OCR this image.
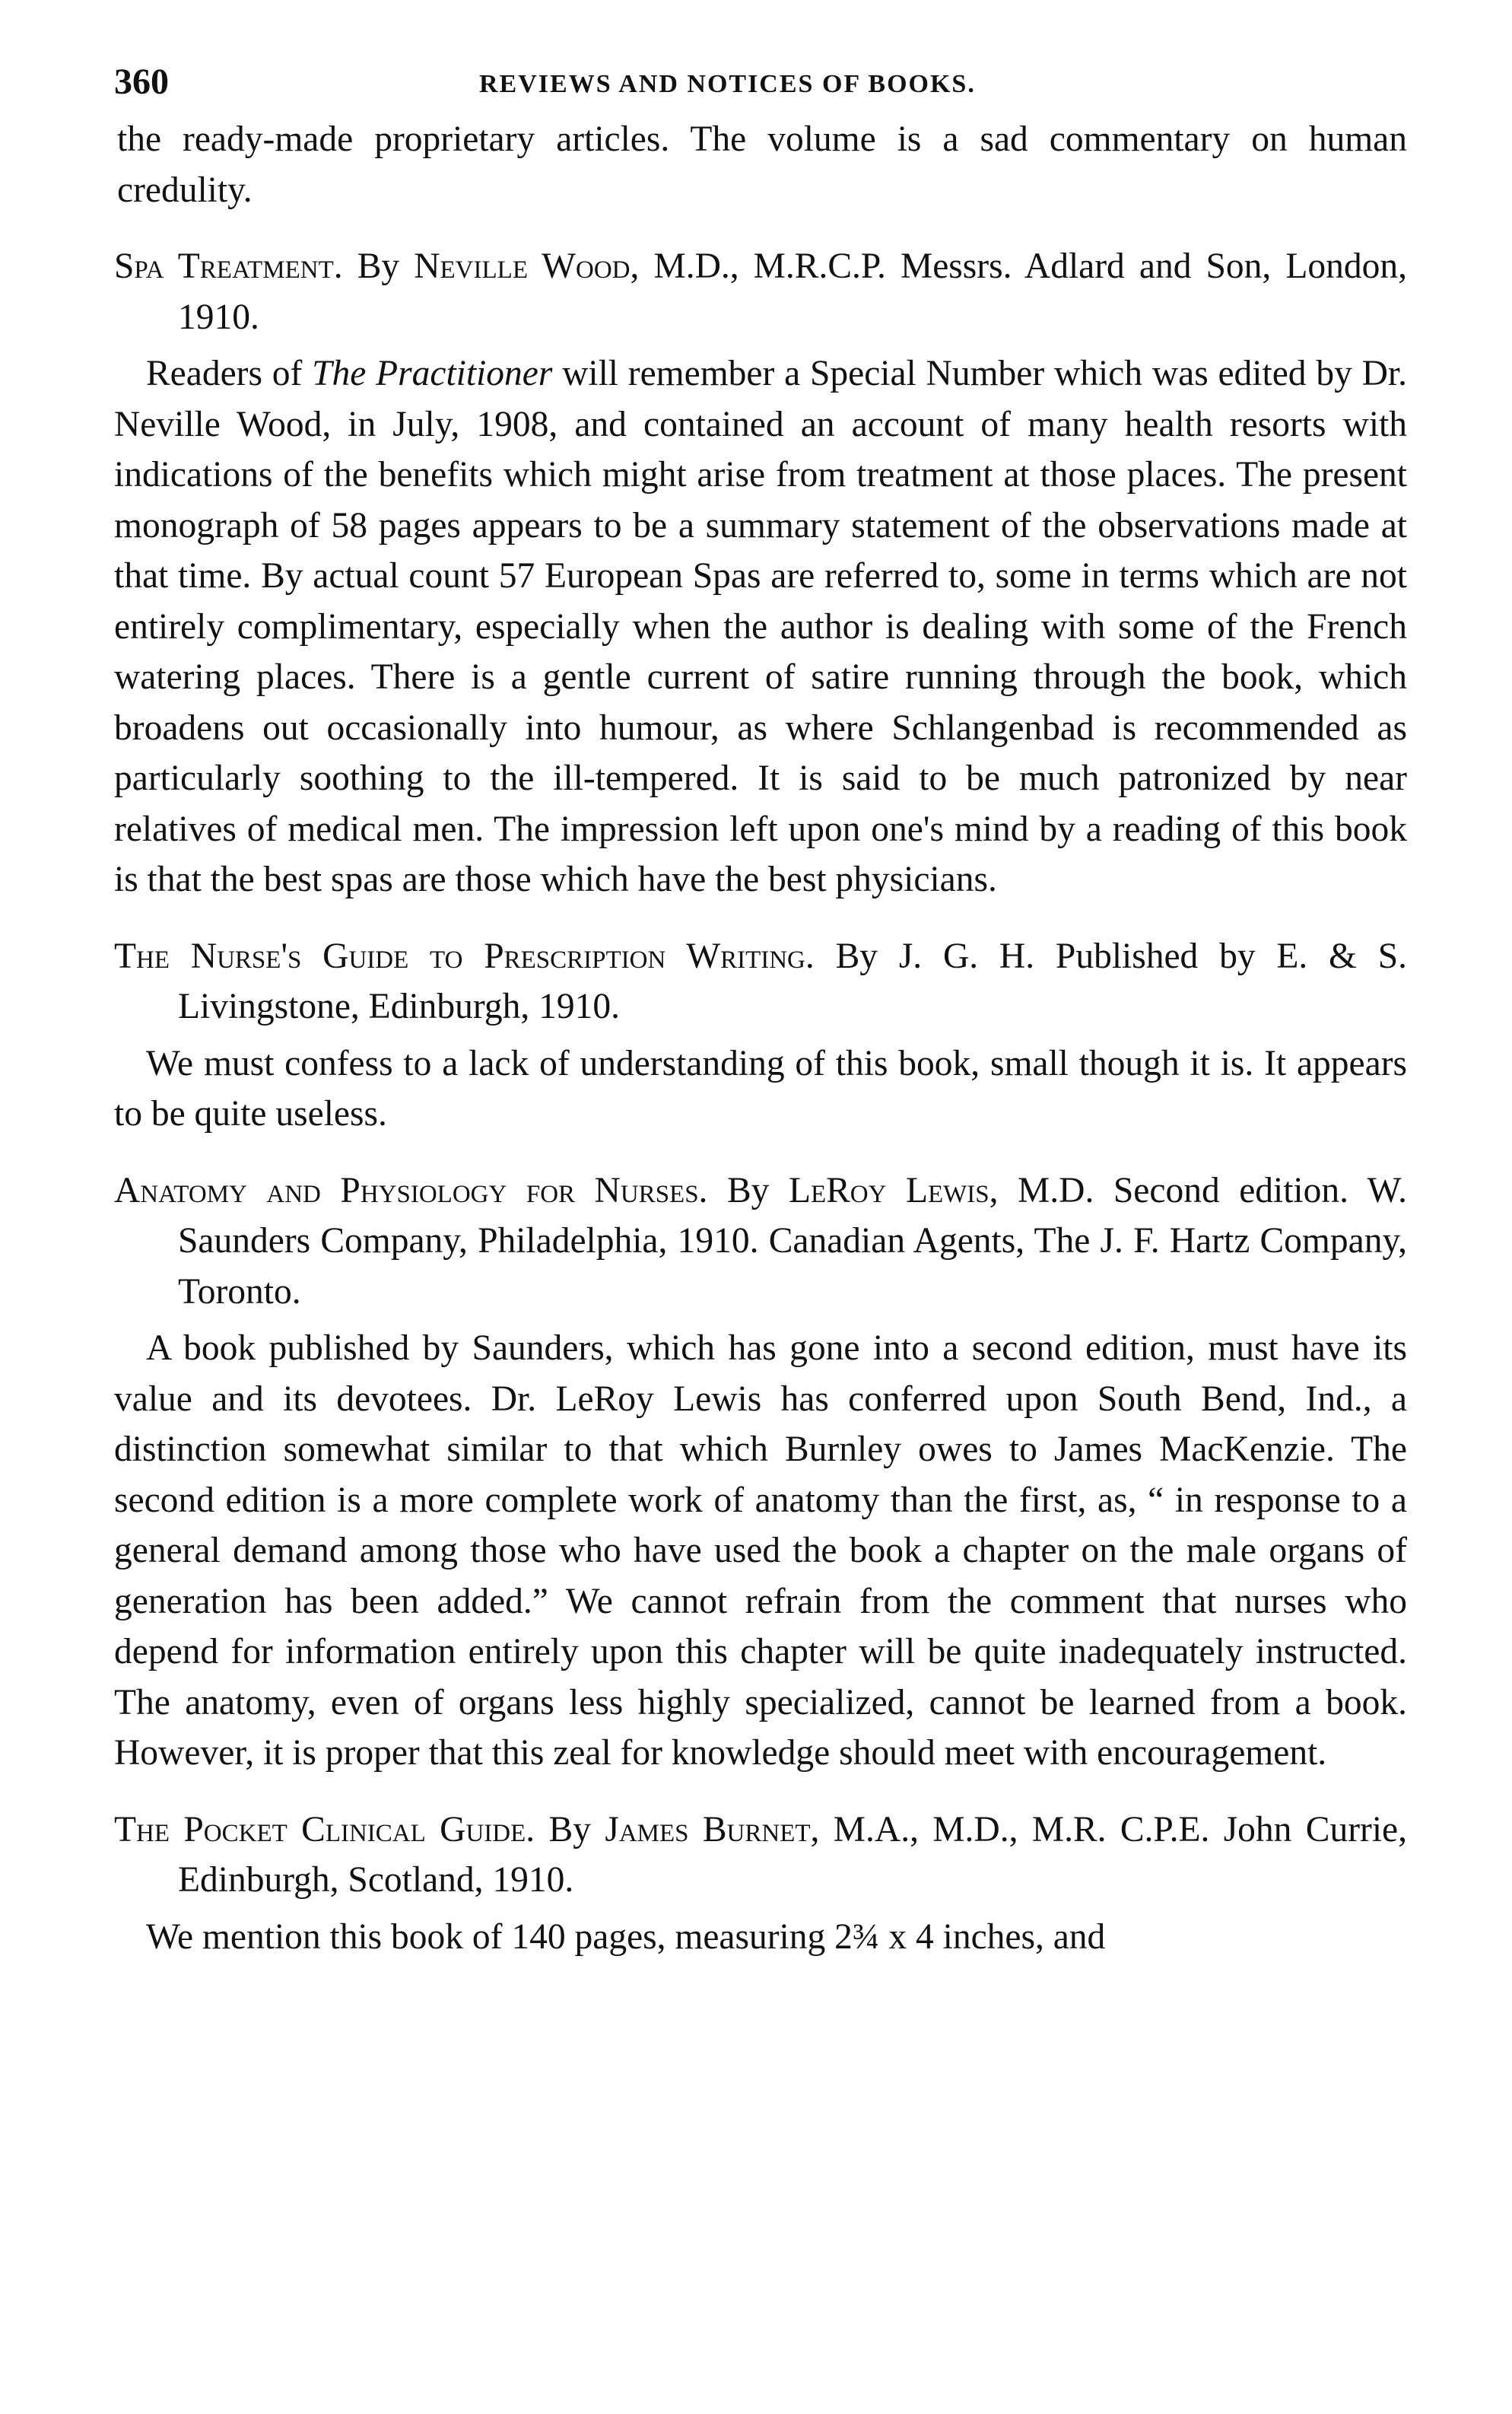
360	REVIEWS AND NOTICES OF BOOKS.

the ready-made proprietary articles. The volume is a sad commentary on human credulity.

Spa Treatment. By Neville Wood, M.D., M.R.C.P. Messrs. Adlard and Son, London, 1910.

Readers of The Practitioner will remember a Special Number which was edited by Dr. Neville Wood, in July, 1908, and contained an account of many health resorts with indications of the benefits which might arise from treatment at those places. The present monograph of 58 pages appears to be a summary statement of the observations made at that time. By actual count 57 European Spas are referred to, some in terms which are not entirely complimentary, especially when the author is dealing with some of the French watering places. There is a gentle current of satire running through the book, which broadens out occasionally into humour, as where Schlangenbad is recommended as particularly soothing to the ill-tempered. It is said to be much patronized by near relatives of medical men. The impression left upon one's mind by a reading of this book is that the best spas are those which have the best physicians.

The Nurse's Guide to Prescription Writing. By J. G. H. Published by E. & S. Livingstone, Edinburgh, 1910.

We must confess to a lack of understanding of this book, small though it is. It appears to be quite useless.

Anatomy and Physiology for Nurses. By LeRoy Lewis, M.D. Second edition. W. Saunders Company, Philadelphia, 1910. Canadian Agents, The J. F. Hartz Company, Toronto.

A book published by Saunders, which has gone into a second edition, must have its value and its devotees. Dr. LeRoy Lewis has conferred upon South Bend, Ind., a distinction somewhat similar to that which Burnley owes to James MacKenzie. The second edition is a more complete work of anatomy than the first, as, “ in response to a general demand among those who have used the book a chapter on the male organs of generation has been added.” We cannot refrain from the comment that nurses who depend for information entirely upon this chapter will be quite inadequately instructed. The anatomy, even of organs less highly specialized, cannot be learned from a book. However, it is proper that this zeal for knowledge should meet with encouragement.

The Pocket Clinical Guide. By James Burnet, M.A., M.D., M.R. C.P.E. John Currie, Edinburgh, Scotland, 1910.

We mention this book of 140 pages, measuring 2¾ x 4 inches, and
